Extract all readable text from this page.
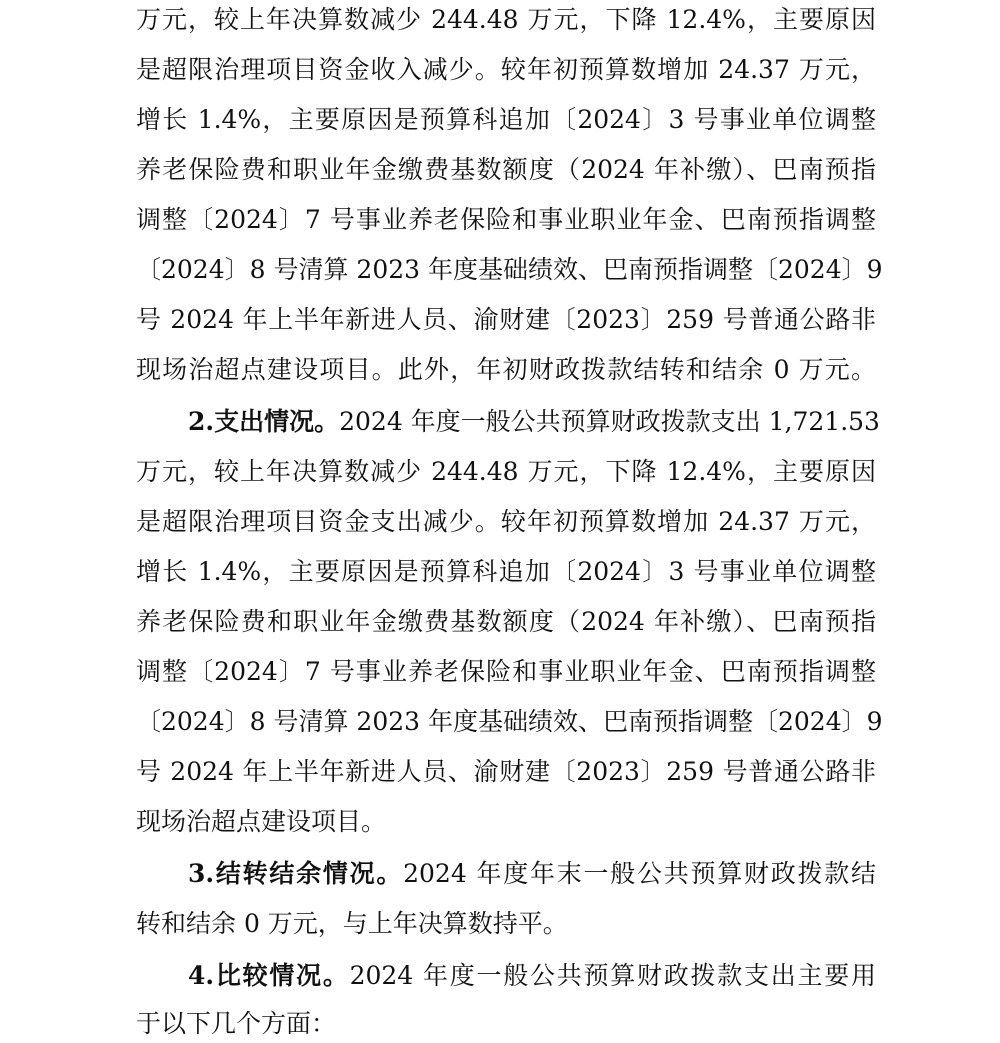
万元，较上年决算数减少 244.48 万元，下降 12.4%，主要原因
是超限治理项目资金收入减少。较年初预算数增加 24.37 万元，
增长 1.4%，主要原因是预算科追加〔2024〕3 号事业单位调整
养老保险费和职业年金缴费基数额度（2024 年补缴）、巴南预指
调整〔2024〕7 号事业养老保险和事业职业年金、巴南预指调整
〔2024〕8 号清算 2023 年度基础绩效、巴南预指调整〔2024〕9
号 2024 年上半年新进人员、渝财建〔2023〕259 号普通公路非
现场治超点建设项目。此外，年初财政拨款结转和结余 0 万元。
2.支出情况。2024 年度一般公共预算财政拨款支出 1,721.53
万元，较上年决算数减少 244.48 万元，下降 12.4%，主要原因
是超限治理项目资金支出减少。较年初预算数增加 24.37 万元，
增长 1.4%，主要原因是预算科追加〔2024〕3 号事业单位调整
养老保险费和职业年金缴费基数额度（2024 年补缴）、巴南预指
调整〔2024〕7 号事业养老保险和事业职业年金、巴南预指调整
〔2024〕8 号清算 2023 年度基础绩效、巴南预指调整〔2024〕9
号 2024 年上半年新进人员、渝财建〔2023〕259 号普通公路非
现场治超点建设项目。
3.结转结余情况。2024 年度年末一般公共预算财政拨款结
转和结余 0 万元，与上年决算数持平。
4.比较情况。2024 年度一般公共预算财政拨款支出主要用
于以下几个方面：
